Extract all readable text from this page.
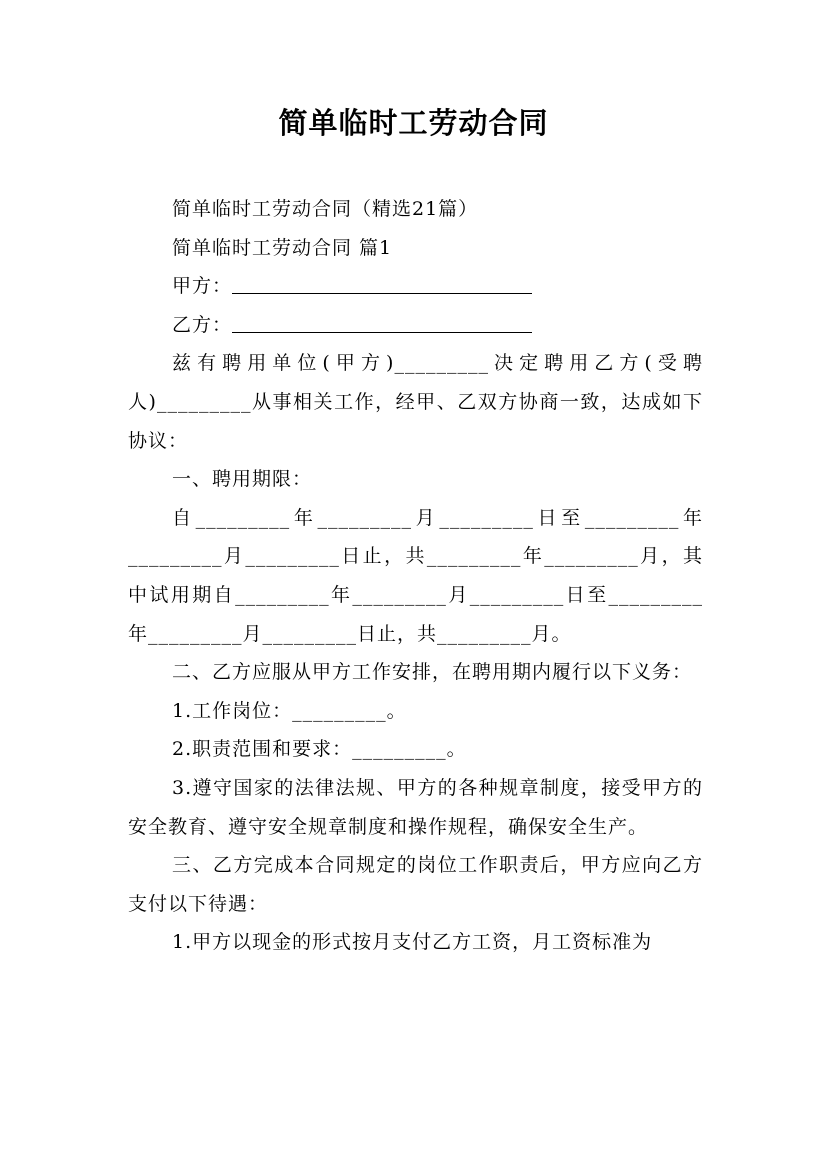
简单临时工劳动合同

简单临时工劳动合同（精选21篇）

简单临时工劳动合同 篇1

甲方：

乙方：

兹有聘用单位(甲方)_________决定聘用乙方(受聘人)_________从事相关工作，经甲、乙双方协商一致，达成如下协议：

一、聘用期限：

自_________年_________月_________日至_________年_________月_________日止，共_________年_________月，其中试用期自_________年_________月_________日至_________年_________月_________日止，共_________月。

二、乙方应服从甲方工作安排，在聘用期内履行以下义务：

1.工作岗位：_________。

2.职责范围和要求：_________。

3.遵守国家的法律法规、甲方的各种规章制度，接受甲方的安全教育、遵守安全规章制度和操作规程，确保安全生产。

三、乙方完成本合同规定的岗位工作职责后，甲方应向乙方支付以下待遇：

1.甲方以现金的形式按月支付乙方工资，月工资标准为
